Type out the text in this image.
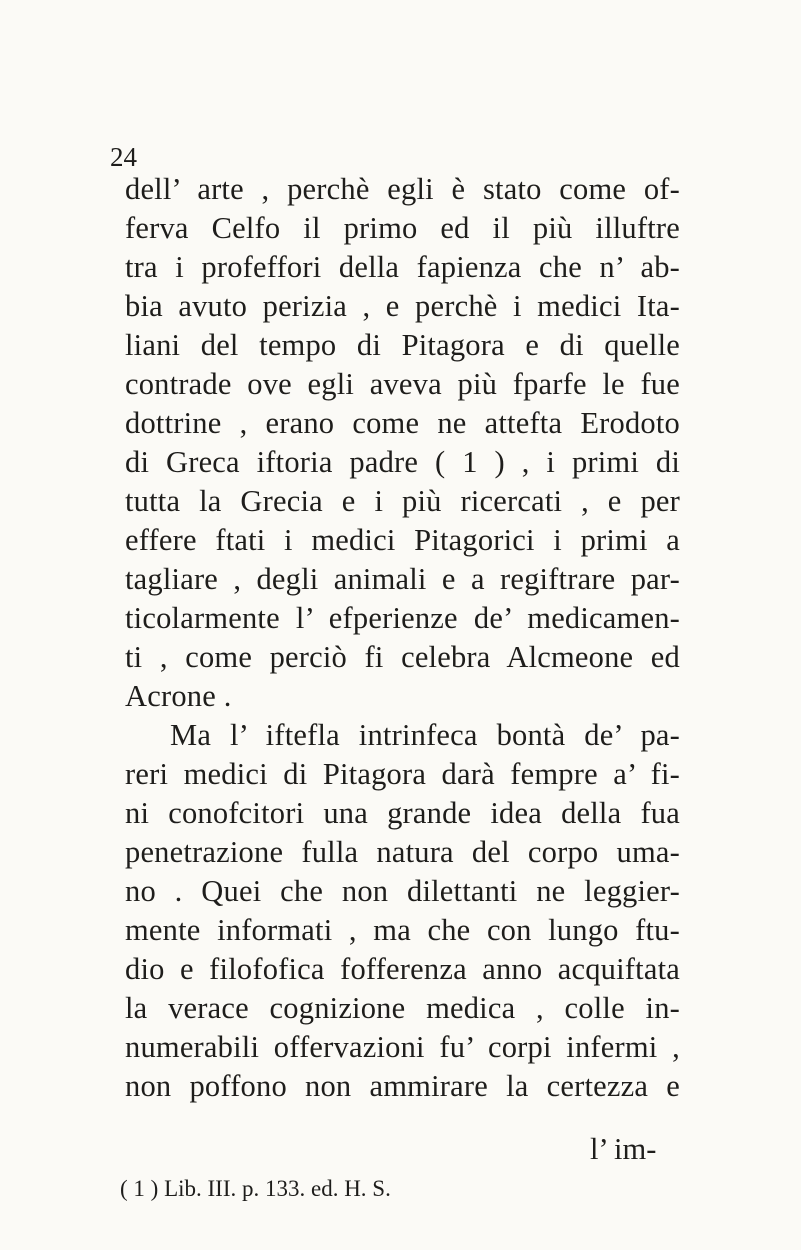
24
dell’ arte , perchè egli è stato come of-
ferva Celfo il primo ed il più illuftre
tra i profeffori della fapienza che n’ ab-
bia avuto perizia , e perchè i medici Ita-
liani del tempo di Pitagora e di quelle
contrade ove egli aveva più fparfe le fue
dottrine , erano come ne attefta Erodoto
di Greca iftoria padre ( 1 ) , i primi di
tutta la Grecia e i più ricercati , e per
effere ftati i medici Pitagorici i primi a
tagliare , degli animali e a regiftrare par-
ticolarmente l’ efperienze de’ medicamen-
ti , come perciò fi celebra Alcmeone ed
Acrone .
Ma l’ iftefla intrinfeca bontà de’ pa-
reri medici di Pitagora darà fempre a’ fi-
ni conofcitori una grande idea della fua
penetrazione fulla natura del corpo uma-
no . Quei che non dilettanti ne leggier-
mente informati , ma che con lungo ftu-
dio e filofofica fofferenza anno acquiftata
la verace cognizione medica , colle in-
numerabili offervazioni fu’ corpi infermi ,
non poffono non ammirare la certezza e
l’ im-
( 1 ) Lib. III. p. 133. ed. H. S.
